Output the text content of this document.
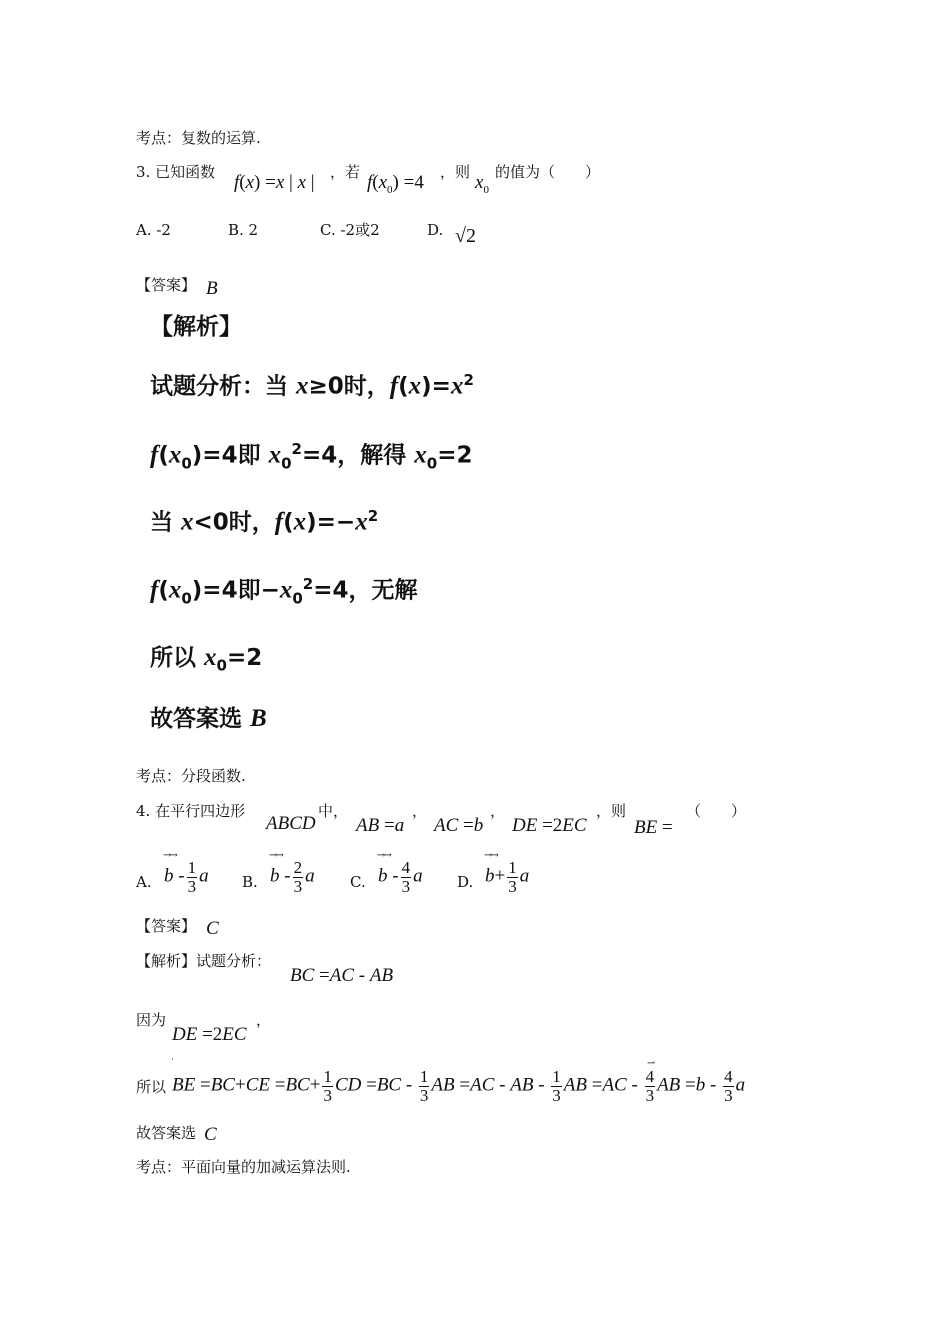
考点：复数的运算.
3. 已知函数 f(x) =x | x | ，若 $f(x_0) =4$ ，则 $x_0$
的值为（　　）
A. -2	B. 2	C. -2或2	D. √2
【答案】 B
【解析】
试题分析：当 x≥0时，$f(x)=x^2$
$f(x_0)=4$即 $x_0^2=4$，解得 $x_0=2$
当 x<0时，$f(x)=-x^2$
$f(x_0)=4$即$-x_0^2=4$，无解
所以 $x_0=2$
故答案选 B
考点：分段函数.
4. 在平行四边形
ABCD
中，
AB =a
，
AC =b
，
DE =2EC
，则
BE =
（　　）
A.
→→
b - $\frac{1}{3}$ a B.
→→
b - $\frac{2}{3}$ a C.
→→
b - $\frac{4}{3}$ a D.
→→
$b+ \frac{1}{3}$ a
【答案】 C
【解析】试题分析：
BC =AC - AB
因为
DE =2EC
，
所以
˙	⇀
BE $=BC+CE =BC+ \frac{1}{3}$ CD $=BC - \frac{1}{3}$ AB =AC - AB - $\frac{1}{3}$ AB $=AC - \frac{4}{3}$ AB $=b - \frac{4}{3}$ a
故答案选 C
考点：平面向量的加减运算法则.
